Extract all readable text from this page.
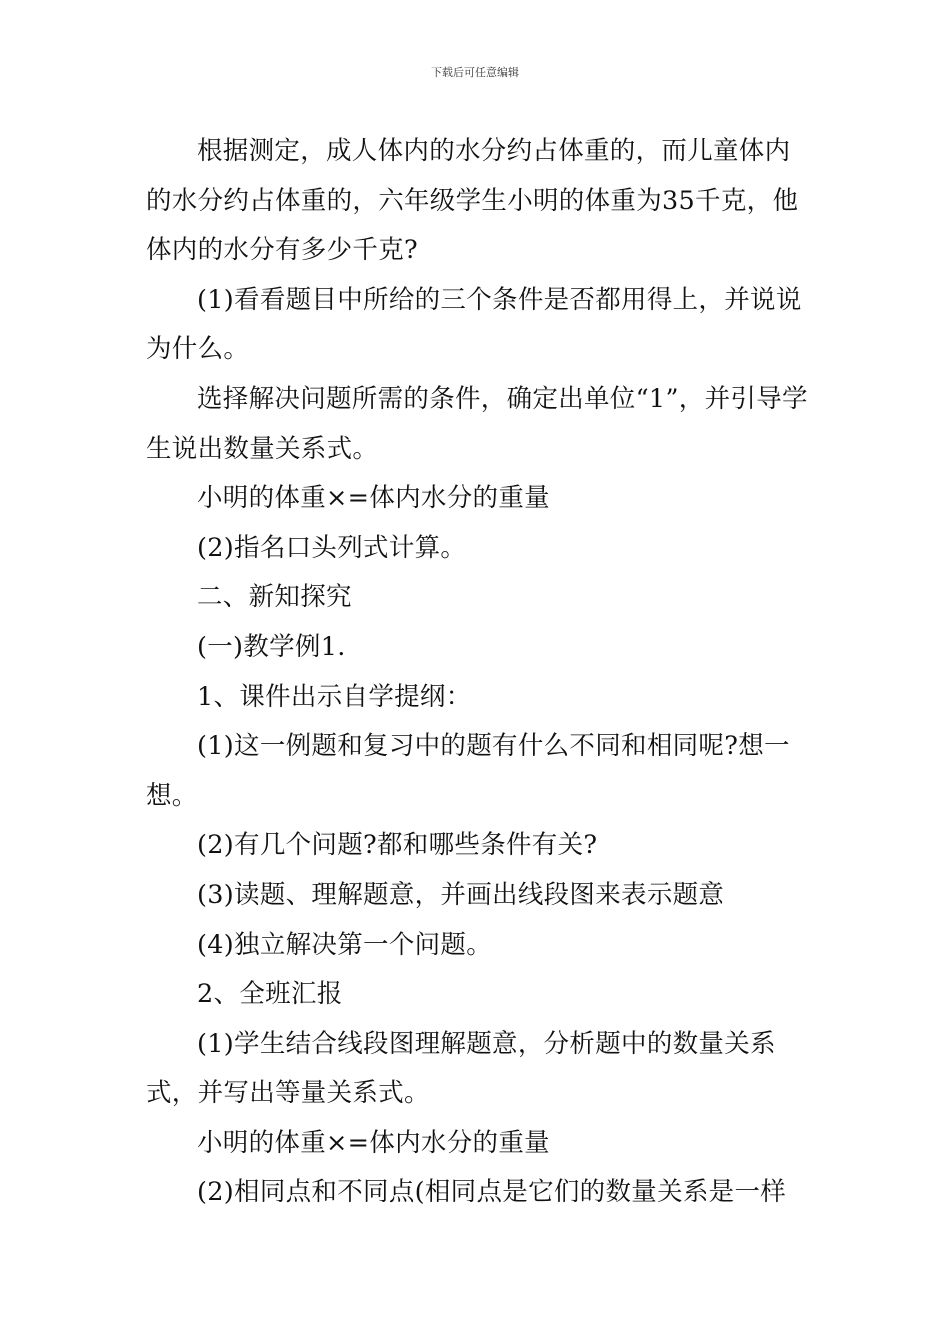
下载后可任意编辑

根据测定，成人体内的水分约占体重的，而儿童体内的水分约占体重的，六年级学生小明的体重为35千克，他体内的水分有多少千克?

(1)看看题目中所给的三个条件是否都用得上，并说说为什么。

选择解决问题所需的条件，确定出单位“1”，并引导学生说出数量关系式。

小明的体重×=体内水分的重量

(2)指名口头列式计算。

二、新知探究

(一)教学例1.

1、课件出示自学提纲：

(1)这一例题和复习中的题有什么不同和相同呢?想一想。

(2)有几个问题?都和哪些条件有关?

(3)读题、理解题意，并画出线段图来表示题意

(4)独立解决第一个问题。

2、全班汇报

(1)学生结合线段图理解题意，分析题中的数量关系式，并写出等量关系式。

小明的体重×=体内水分的重量

(2)相同点和不同点(相同点是它们的数量关系是一样
